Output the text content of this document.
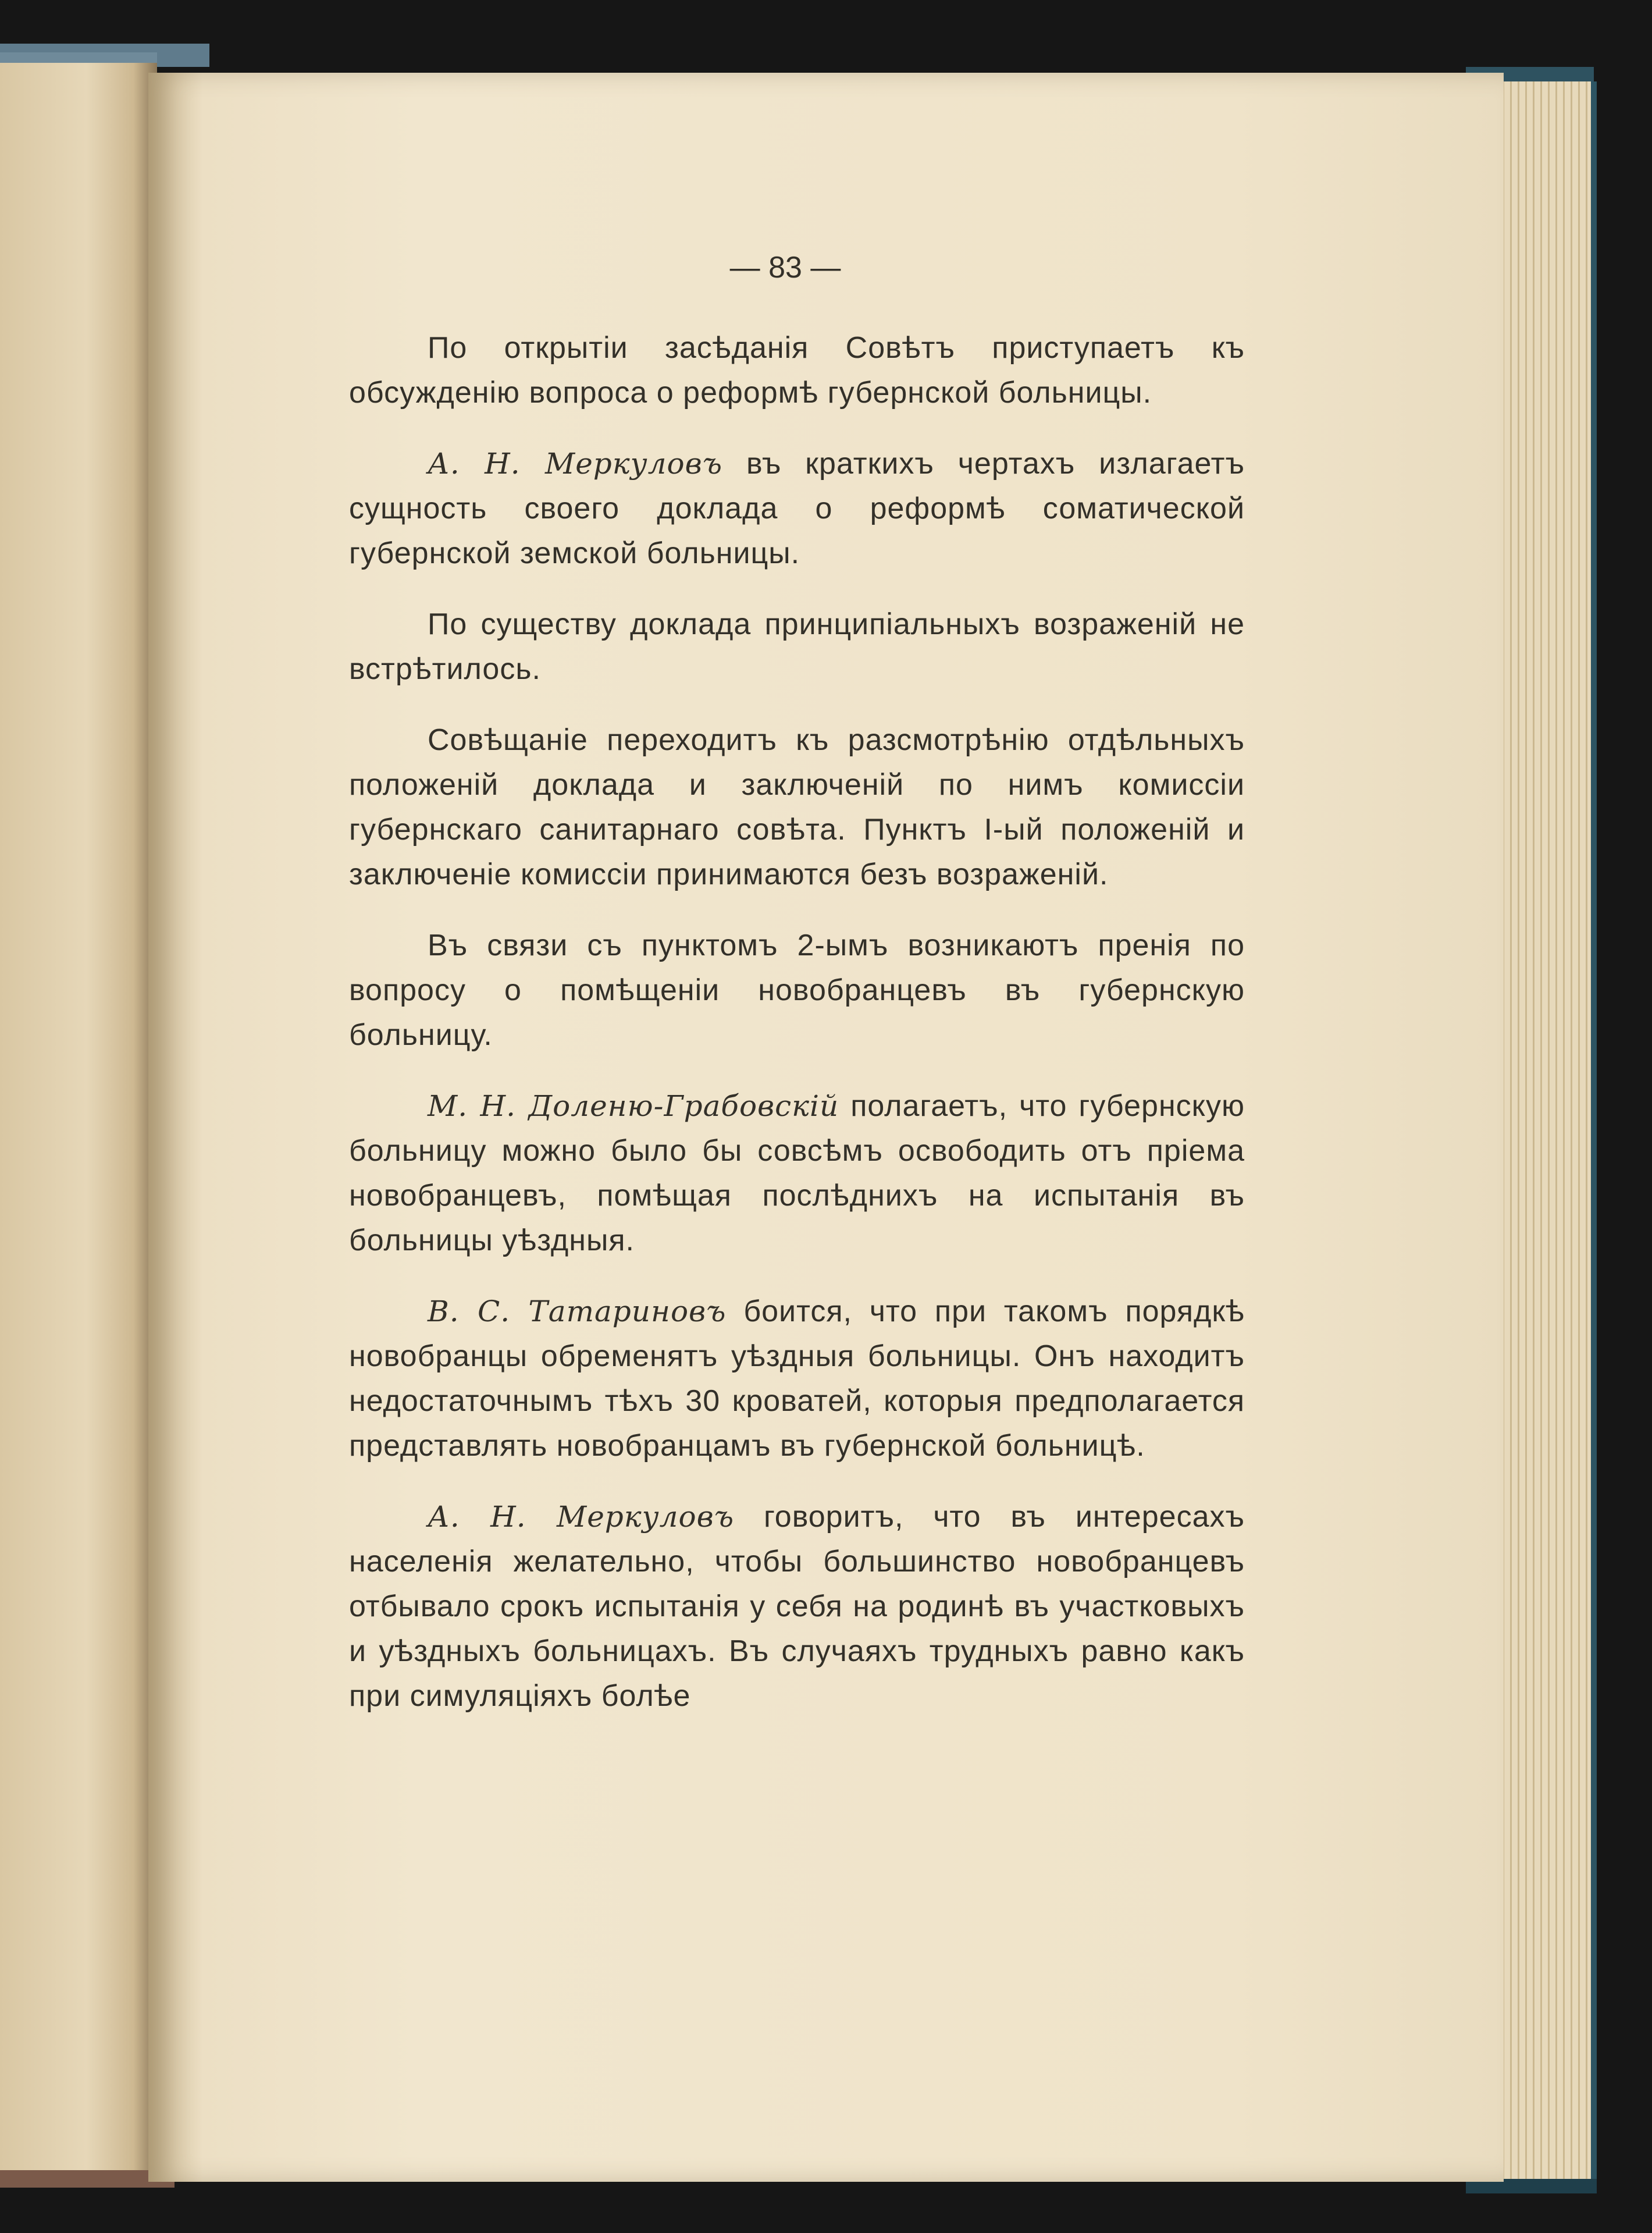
— 83 —

По открытіи засѣданія Совѣтъ приступаетъ къ обсужденію вопроса о реформѣ губернской больницы.

А. Н. Меркуловъ въ краткихъ чертахъ излагаетъ сущность своего доклада о реформѣ соматической губернской земской больницы.

По существу доклада принципіальныхъ возраженій не встрѣтилось.

Совѣщаніе переходитъ къ разсмотрѣнію отдѣльныхъ положеній доклада и заключеній по нимъ комиссіи губернскаго санитарнаго совѣта. Пунктъ I-ый положеній и заключеніе комиссіи принимаются безъ возраженій.

Въ связи съ пунктомъ 2-ымъ возникаютъ пренія по вопросу о помѣщеніи новобранцевъ въ губернскую больницу.

М. Н. Доленю-Грабовскій полагаетъ, что губернскую больницу можно было бы совсѣмъ освободить отъ пріема новобранцевъ, помѣщая послѣднихъ на испытанія въ больницы уѣздныя.

В. С. Татариновъ боится, что при такомъ порядкѣ новобранцы обременятъ уѣздныя больницы. Онъ находитъ недостаточнымъ тѣхъ 30 кроватей, которыя предполагается представлять новобранцамъ въ губернской больницѣ.

А. Н. Меркуловъ говоритъ, что въ интересахъ населенія желательно, чтобы большинство новобранцевъ отбывало срокъ испытанія у себя на родинѣ въ участковыхъ и уѣздныхъ больницахъ. Въ случаяхъ трудныхъ равно какъ при симуляціяхъ болѣе
